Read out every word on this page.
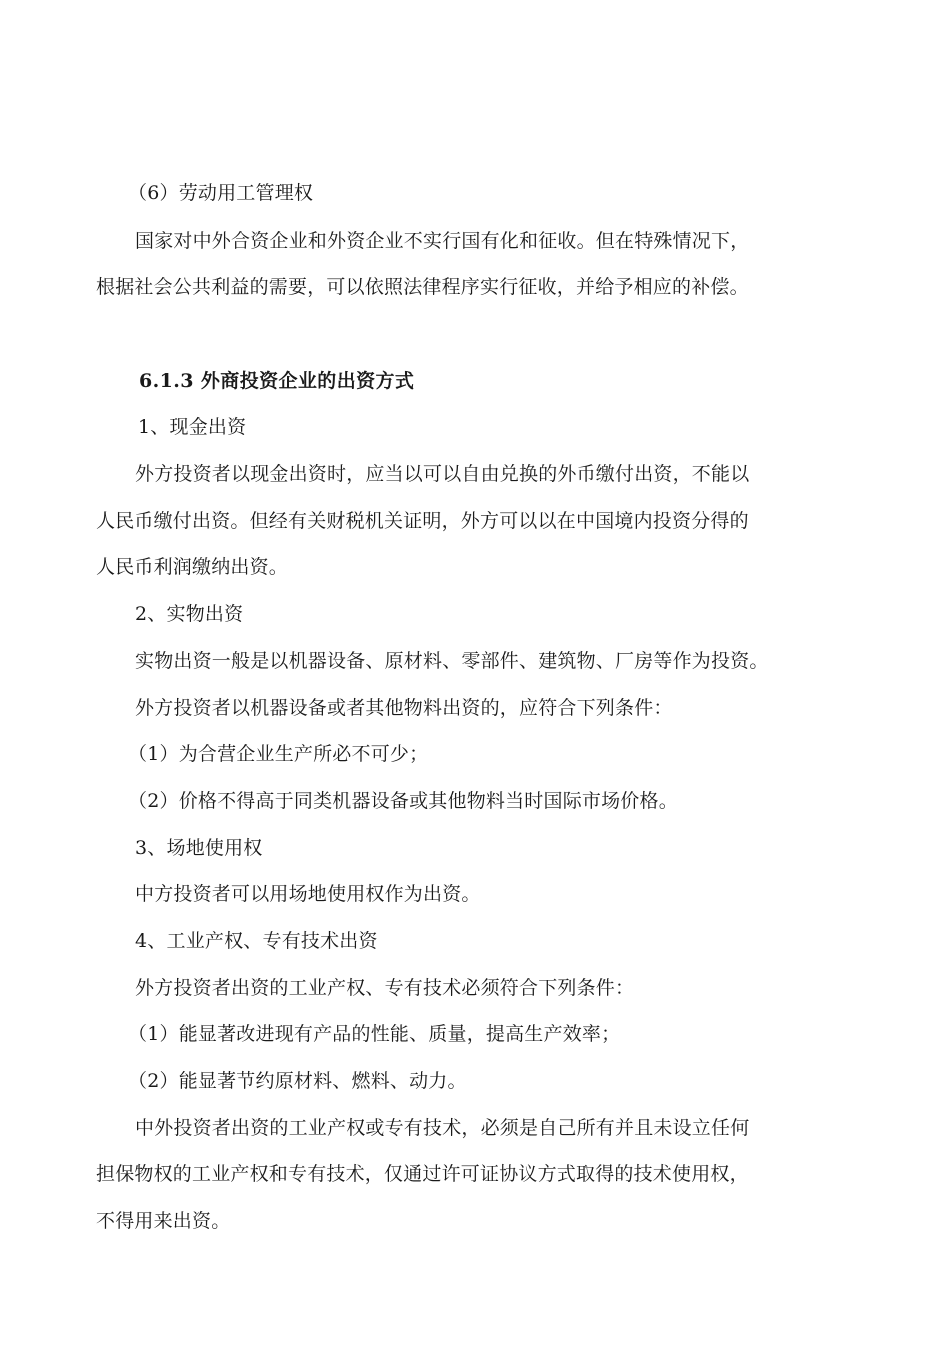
（6）劳动用工管理权
国家对中外合资企业和外资企业不实行国有化和征收。但在特殊情况下，
根据社会公共利益的需要，可以依照法律程序实行征收，并给予相应的补偿。
6.1.3 外商投资企业的出资方式
1、现金出资
外方投资者以现金出资时，应当以可以自由兑换的外币缴付出资，不能以
人民币缴付出资。但经有关财税机关证明，外方可以以在中国境内投资分得的
人民币利润缴纳出资。
2、实物出资
实物出资一般是以机器设备、原材料、零部件、建筑物、厂房等作为投资。
外方投资者以机器设备或者其他物料出资的，应符合下列条件：
（1）为合营企业生产所必不可少；
（2）价格不得高于同类机器设备或其他物料当时国际市场价格。
3、场地使用权
中方投资者可以用场地使用权作为出资。
4、工业产权、专有技术出资
外方投资者出资的工业产权、专有技术必须符合下列条件：
（1）能显著改进现有产品的性能、质量，提高生产效率；
（2）能显著节约原材料、燃料、动力。
中外投资者出资的工业产权或专有技术，必须是自己所有并且未设立任何
担保物权的工业产权和专有技术，仅通过许可证协议方式取得的技术使用权，
不得用来出资。
